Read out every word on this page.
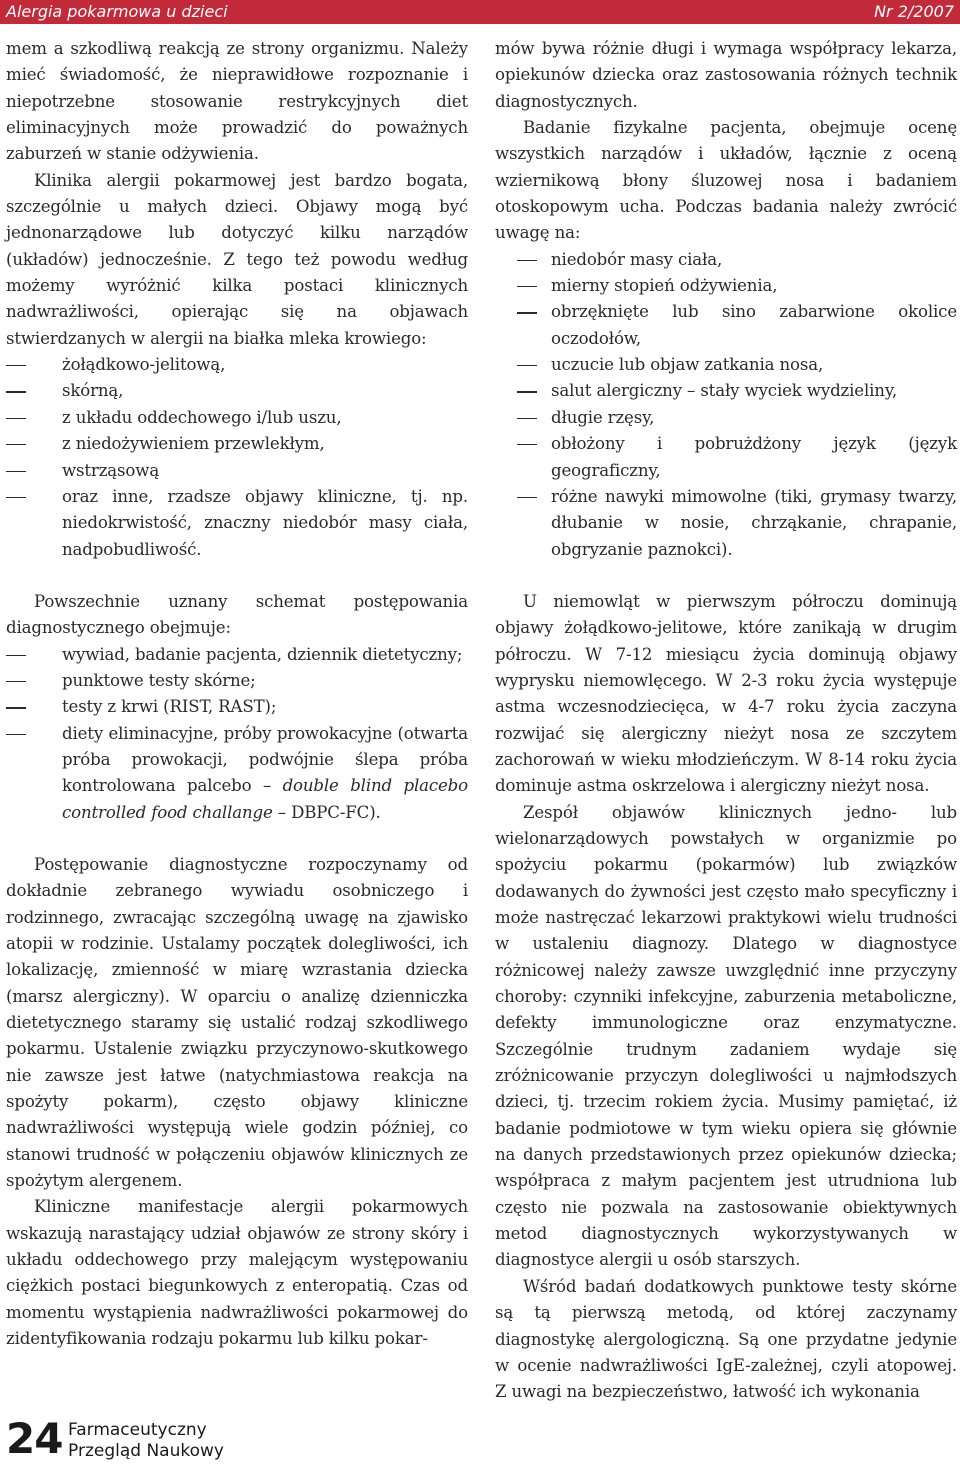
Alergia pokarmowa u dzieci	Nr 2/2007

mem a szkodliwą reakcją ze strony organizmu. Należy mieć świadomość, że nieprawidłowe rozpoznanie i niepotrzebne stosowanie restrykcyjnych diet eliminacyjnych może prowadzić do poważnych zaburzeń w stanie odżywienia.

Klinika alergii pokarmowej jest bardzo bogata, szczególnie u małych dzieci. Objawy mogą być jednonarządowe lub dotyczyć kilku narządów (układów) jednocześnie. Z tego też powodu według możemy wyróżnić kilka postaci klinicznych nadwrażliwości, opierając się na objawach stwierdzanych w alergii na białka mleka krowiego:

żołądkowo-jelitową,
skórną,
z układu oddechowego i/lub uszu,
z niedożywieniem przewlekłym,
wstrząsową
oraz inne, rzadsze objawy kliniczne, tj. np. niedokrwistość, znaczny niedobór masy ciała, nadpobudliwość.

Powszechnie uznany schemat postępowania diagnostycznego obejmuje:

wywiad, badanie pacjenta, dziennik dietetyczny;
punktowe testy skórne;
testy z krwi (RIST, RAST);
diety eliminacyjne, próby prowokacyjne (otwarta próba prowokacji, podwójnie ślepa próba kontrolowana palcebo – double blind placebo controlled food challange – DBPC-FC).

Postępowanie diagnostyczne rozpoczynamy od dokładnie zebranego wywiadu osobniczego i rodzinnego, zwracając szczególną uwagę na zjawisko atopii w rodzinie. Ustalamy początek dolegliwości, ich lokalizację, zmienność w miarę wzrastania dziecka (marsz alergiczny). W oparciu o analizę dzienniczka dietetycznego staramy się ustalić rodzaj szkodliwego pokarmu. Ustalenie związku przyczynowo-skutkowego nie zawsze jest łatwe (natychmiastowa reakcja na spożyty pokarm), często objawy kliniczne nadwrażliwości występują wiele godzin później, co stanowi trudność w połączeniu objawów klinicznych ze spożytym alergenem.

Kliniczne manifestacje alergii pokarmowych wskazują narastający udział objawów ze strony skóry i układu oddechowego przy malejącym występowaniu ciężkich postaci biegunkowych z enteropatią. Czas od momentu wystąpienia nadwrażliwości pokarmowej do zidentyfikowania rodzaju pokarmu lub kilku pokar-

mów bywa różnie długi i wymaga współpracy lekarza, opiekunów dziecka oraz zastosowania różnych technik diagnostycznych.

Badanie fizykalne pacjenta, obejmuje ocenę wszystkich narządów i układów, łącznie z oceną wziernikową błony śluzowej nosa i badaniem otoskopowym ucha. Podczas badania należy zwrócić uwagę na:

niedobór masy ciała,
mierny stopień odżywienia,
obrzęknięte lub sino zabarwione okolice oczodołów,
uczucie lub objaw zatkania nosa,
salut alergiczny – stały wyciek wydzieliny,
długie rzęsy,
obłożony i pobrużdżony język (język geograficzny,
różne nawyki mimowolne (tiki, grymasy twarzy, dłubanie w nosie, chrząkanie, chrapanie, obgryzanie paznokci).

U niemowląt w pierwszym półroczu dominują objawy żołądkowo-jelitowe, które zanikają w drugim półroczu. W 7-12 miesiącu życia dominują objawy wyprysku niemowlęcego. W 2-3 roku życia występuje astma wczesnodziecięca, w 4-7 roku życia zaczyna rozwijać się alergiczny nieżyt nosa ze szczytem zachorowań w wieku młodzieńczym. W 8-14 roku życia dominuje astma oskrzelowa i alergiczny nieżyt nosa.

Zespół objawów klinicznych jedno- lub wielonarządowych powstałych w organizmie po spożyciu pokarmu (pokarmów) lub związków dodawanych do żywności jest często mało specyficzny i może nastręczać lekarzowi praktykowi wielu trudności w ustaleniu diagnozy. Dlatego w diagnostyce różnicowej należy zawsze uwzględnić inne przyczyny choroby: czynniki infekcyjne, zaburzenia metaboliczne, defekty immunologiczne oraz enzymatyczne. Szczególnie trudnym zadaniem wydaje się zróżnicowanie przyczyn dolegliwości u najmłodszych dzieci, tj. trzecim rokiem życia. Musimy pamiętać, iż badanie podmiotowe w tym wieku opiera się głównie na danych przedstawionych przez opiekunów dziecka; współpraca z małym pacjentem jest utrudniona lub często nie pozwala na zastosowanie obiektywnych metod diagnostycznych wykorzystywanych w diagnostyce alergii u osób starszych.

Wśród badań dodatkowych punktowe testy skórne są tą pierwszą metodą, od której zaczynamy diagnostykę alergologiczną. Są one przydatne jedynie w ocenie nadwrażliwości IgE-zależnej, czyli atopowej. Z uwagi na bezpieczeństwo, łatwość ich wykonania

24 Farmaceutyczny
Przegląd Naukowy
